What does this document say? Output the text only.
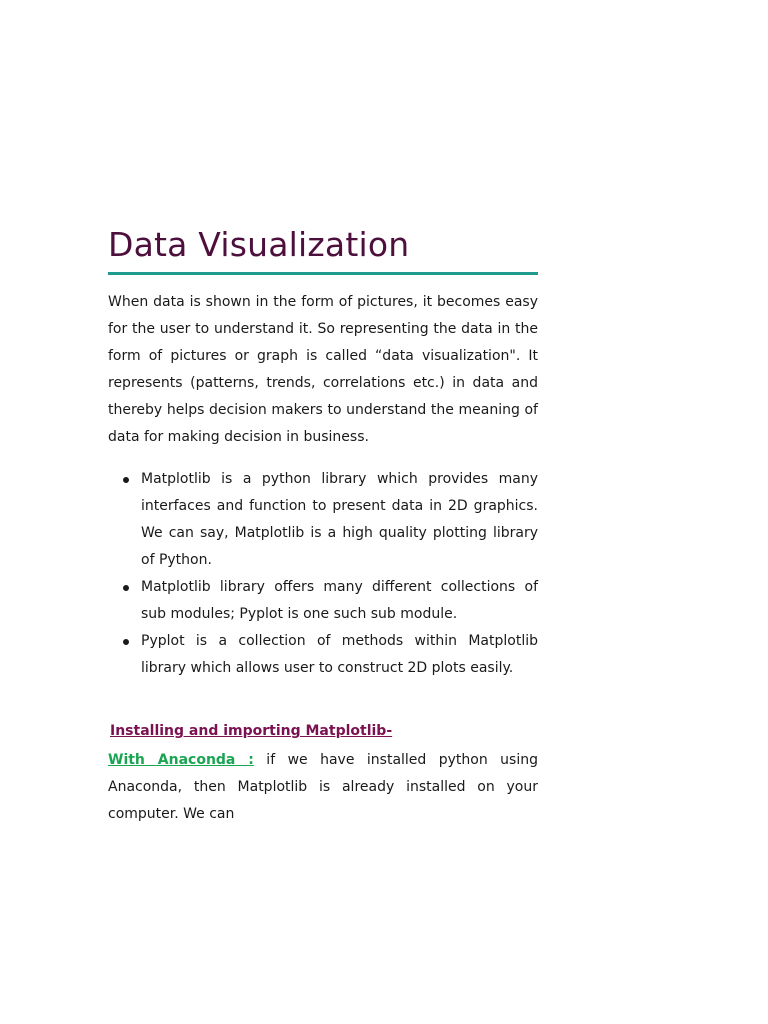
Data Visualization

When data is shown in the form of pictures, it becomes easy for the user to understand it. So representing the data in the form of pictures or graph is called “data visualization". It represents (patterns, trends, correlations etc.) in data and thereby helps decision makers to understand the meaning of data for making decision in business.

Matplotlib is a python library which provides many interfaces and function to present data in 2D graphics. We can say, Matplotlib is a high quality plotting library of Python.
Matplotlib library offers many different collections of sub modules; Pyplot is one such sub module.
Pyplot is a collection of methods within Matplotlib library which allows user to construct 2D plots easily.
Installing and importing Matplotlib-

With Anaconda : if we have installed python using Anaconda, then Matplotlib is already installed on your computer. We can
